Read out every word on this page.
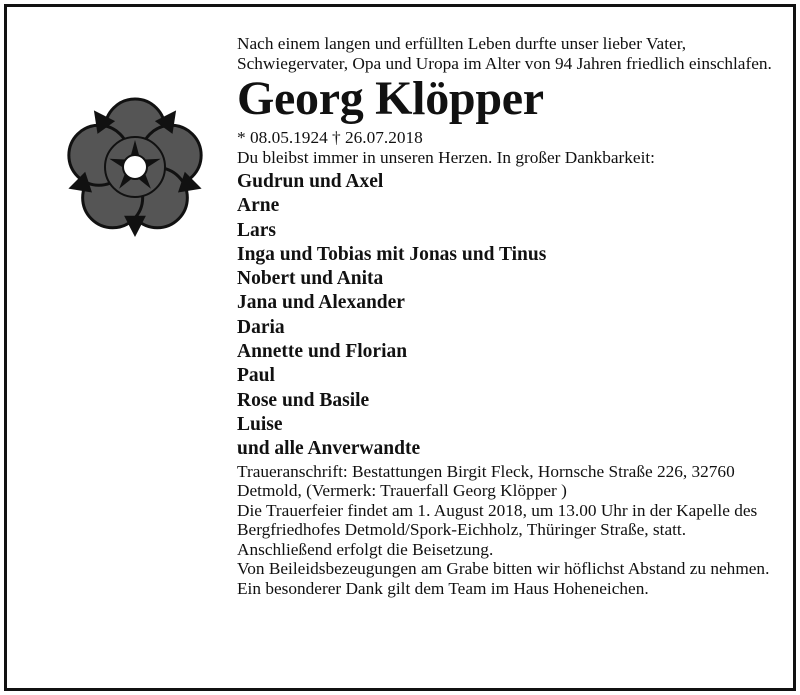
Nach einem langen und erfüllten Leben durfte unser lieber Vater, Schwiegervater, Opa und Uropa im Alter von 94 Jahren friedlich einschlafen.

Georg Klöpper

* 08.05.1924 † 26.07.2018

Du bleibst immer in unseren Herzen. In großer Dankbarkeit:

Gudrun und Axel
Arne
Lars
Inga und Tobias mit Jonas und Tinus
Nobert und Anita
Jana und Alexander
Daria
Annette und Florian
Paul
Rose und Basile
Luise
und alle Anverwandte

Traueranschrift: Bestattungen Birgit Fleck, Hornsche Straße 226, 32760 Detmold, (Vermerk: Trauerfall Georg Klöpper )

Die Trauerfeier findet am 1. August 2018, um 13.00 Uhr in der Kapelle des Bergfriedhofes Detmold/Spork-Eichholz, Thüringer Straße, statt. Anschließend erfolgt die Beisetzung.

Von Beileidsbezeugungen am Grabe bitten wir höflichst Abstand zu nehmen.

Ein besonderer Dank gilt dem Team im Haus Hoheneichen.
